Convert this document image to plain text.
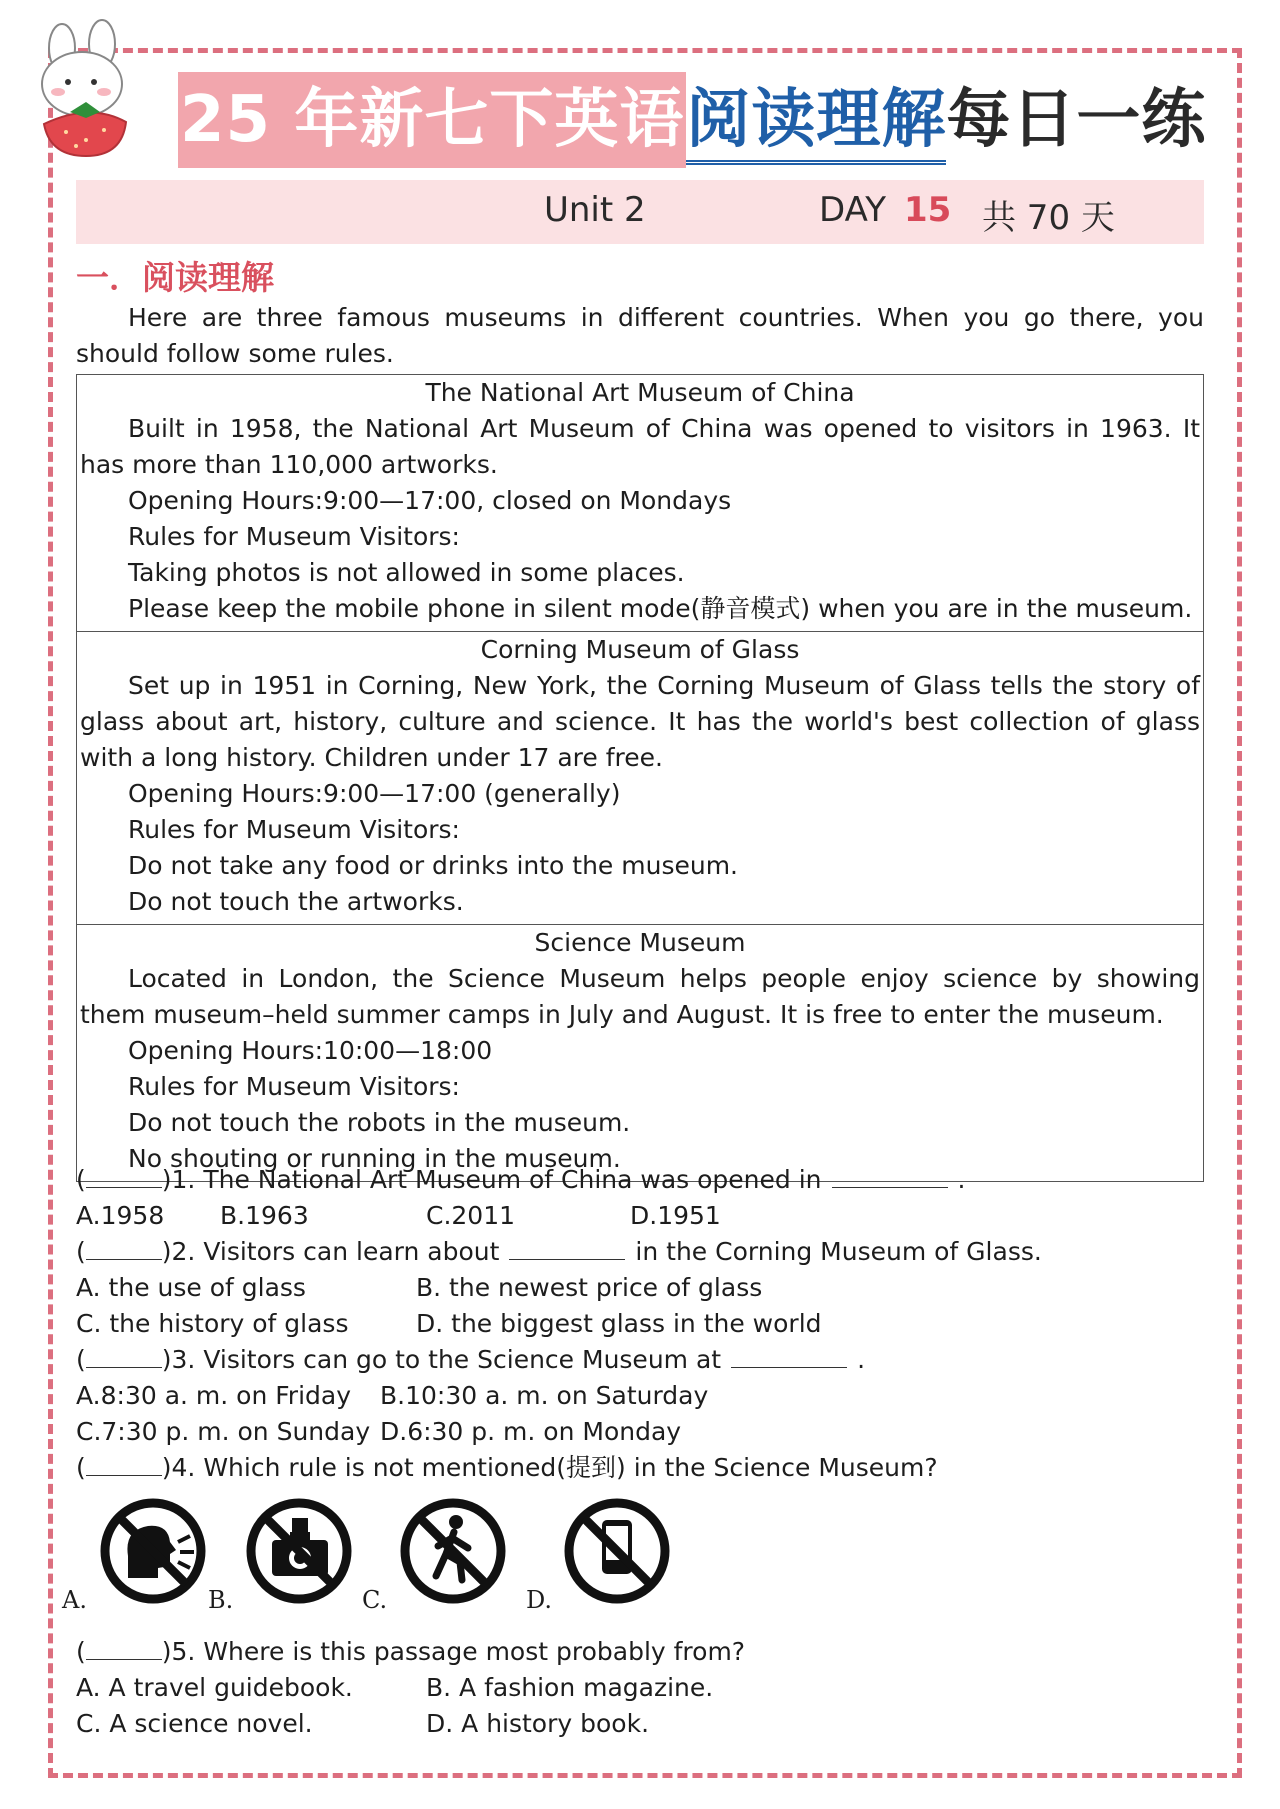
25 年新七下英语阅读理解每日一练
Unit 2	DAY 15 共 70 天
一．阅读理解

Here are three famous museums in different countries. When you go there, you should follow some rules.

The National Art Museum of China
Built in 1958, the National Art Museum of China was opened to visitors in 1963. It has more than 110,000 artworks.
Opening Hours:9:00—17:00, closed on Mondays
Rules for Museum Visitors:
Taking photos is not allowed in some places.
Please keep the mobile phone in silent mode(静音模式) when you are in the museum.
Corning Museum of Glass
Set up in 1951 in Corning, New York, the Corning Museum of Glass tells the story of glass about art, history, culture and science. It has the world's best collection of glass with a long history. Children under 17 are free.
Opening Hours:9:00—17:00 (generally)
Rules for Museum Visitors:
Do not take any food or drinks into the museum.
Do not touch the artworks.
Science Museum
Located in London, the Science Museum helps people enjoy science by showing them museum–held summer camps in July and August. It is free to enter the museum.
Opening Hours:10:00—18:00
Rules for Museum Visitors:
Do not touch the robots in the museum.
No shouting or running in the museum.
(	)1. The National Art Museum of China was opened in	.
A.1958 B.1963	C.2011	D.1951
(	)2. Visitors can learn about	in the Corning Museum of Glass.
A. the use of glass	B. the newest price of glass
C. the history of glass	D. the biggest glass in the world
(	)3. Visitors can go to the Science Museum at	.
A.8:30 a. m. on Friday B.10:30 a. m. on Saturday
C.7:30 p. m. on Sunday D.6:30 p. m. on Monday
(	)4. Which rule is not mentioned(提到) in the Science Museum?
A.	B.	C.	D.
(	)5. Where is this passage most probably from?
A. A travel guidebook.	B. A fashion magazine.
C. A science novel.	D. A history book.
